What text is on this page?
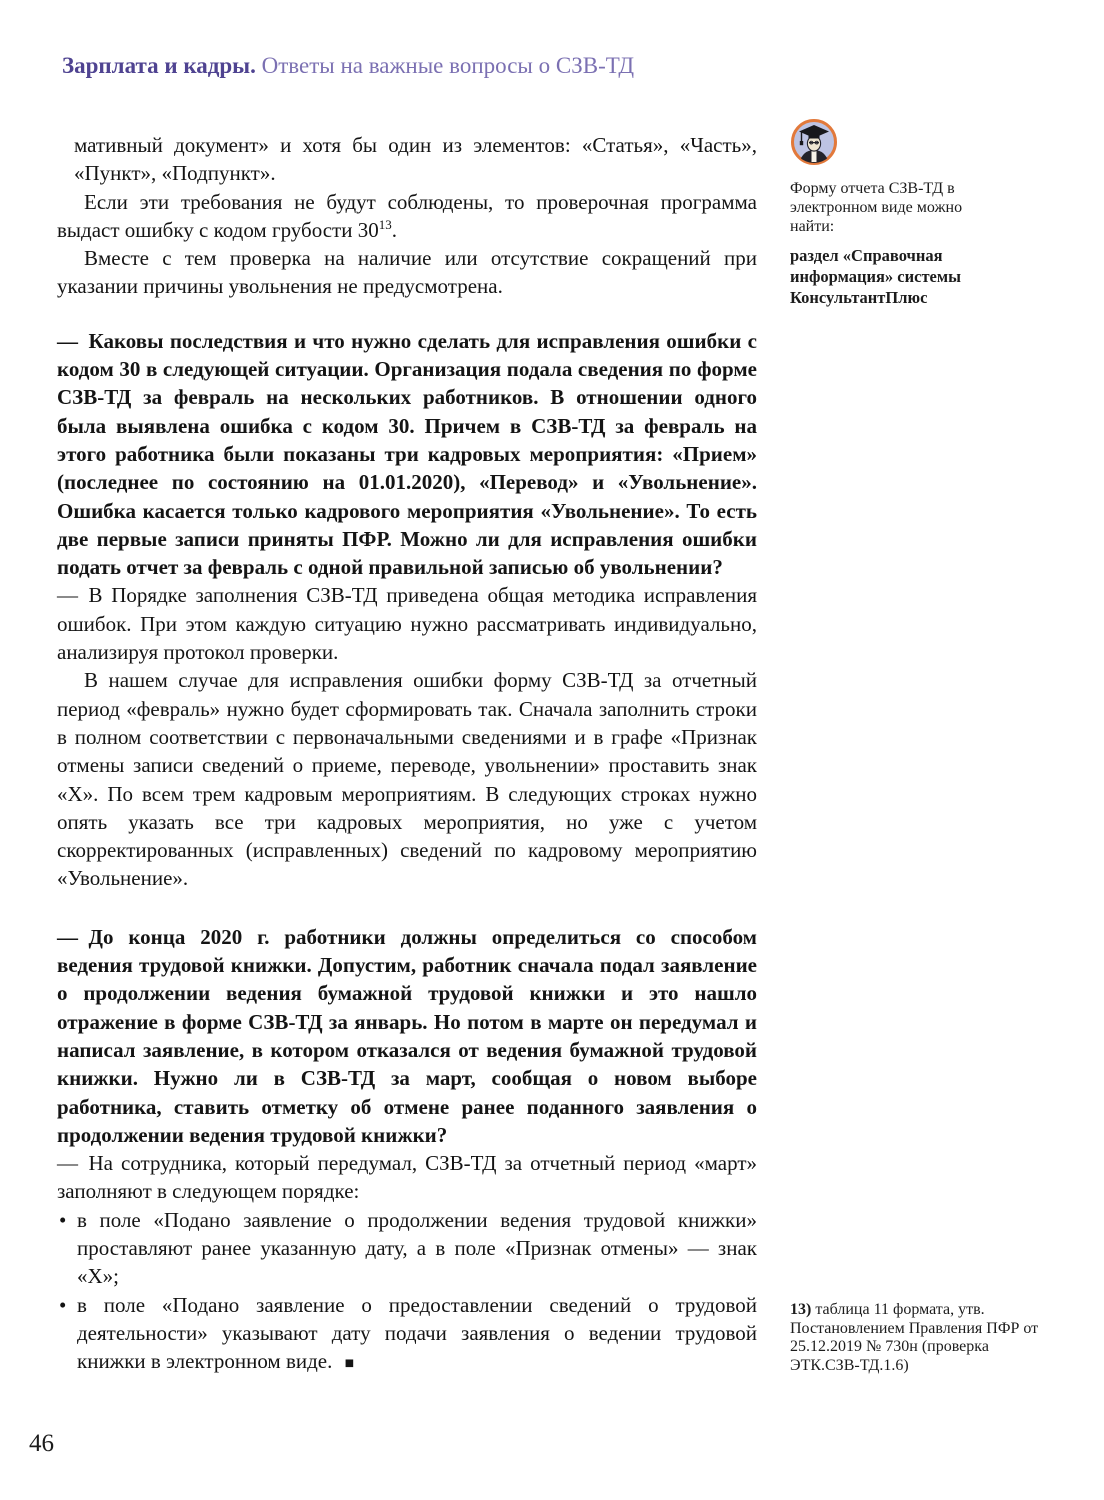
Зарплата и кадры. Ответы на важные вопросы о СЗВ-ТД

мативный документ» и хотя бы один из элементов: «Статья», «Часть», «Пункт», «Подпункт».

Если эти требования не будут соблюдены, то проверочная программа выдаст ошибку с кодом грубости 30$^{13}$.

Вместе с тем проверка на наличие или отсутствие сокращений при указании причины увольнения не предусмотрена.

— Каковы последствия и что нужно сделать для исправления ошибки с кодом 30 в следующей ситуации. Организация подала сведения по форме СЗВ-ТД за февраль на нескольких работников. В отношении одного была выявлена ошибка с кодом 30. Причем в СЗВ-ТД за февраль на этого работника были показаны три кадровых мероприятия: «Прием» (последнее по состоянию на 01.01.2020), «Перевод» и «Увольнение». Ошибка касается только кадрового мероприятия «Увольнение». То есть две первые записи приняты ПФР. Можно ли для исправления ошибки подать отчет за февраль с одной правильной записью об увольнении?

— В Порядке заполнения СЗВ-ТД приведена общая методика исправления ошибок. При этом каждую ситуацию нужно рассматривать индивидуально, анализируя протокол проверки.

В нашем случае для исправления ошибки форму СЗВ-ТД за отчетный период «февраль» нужно будет сформировать так. Сначала заполнить строки в полном соответствии с первоначальными сведениями и в графе «Признак отмены записи сведений о приеме, переводе, увольнении» проставить знак «Х». По всем трем кадровым мероприятиям. В следующих строках нужно опять указать все три кадровых мероприятия, но уже с учетом скорректированных (исправленных) сведений по кадровому мероприятию «Увольнение».

— До конца 2020 г. работники должны определиться со способом ведения трудовой книжки. Допустим, работник сначала подал заявление о продолжении ведения бумажной трудовой книжки и это нашло отражение в форме СЗВ-ТД за январь. Но потом в марте он передумал и написал заявление, в котором отказался от ведения бумажной трудовой книжки. Нужно ли в СЗВ-ТД за март, сообщая о новом выборе работника, ставить отметку об отмене ранее поданного заявления о продолжении ведения трудовой книжки?

— На сотрудника, который передумал, СЗВ-ТД за отчетный период «март» заполняют в следующем порядке:

• в поле «Подано заявление о продолжении ведения трудовой книжки» проставляют ранее указанную дату, а в поле «Признак отмены» — знак «Х»;
• в поле «Подано заявление о предоставлении сведений о трудовой деятельности» указывают дату подачи заявления о ведении трудовой книжки в электронном виде. ■

Форму отчета СЗВ-ТД в электронном виде можно найти:

раздел «Справочная информация» системы КонсультантПлюс

13) таблица 11 формата, утв. Постановлением Правления ПФР от 25.12.2019 № 730н (проверка ЭТК.СЗВ-ТД.1.6)
46
